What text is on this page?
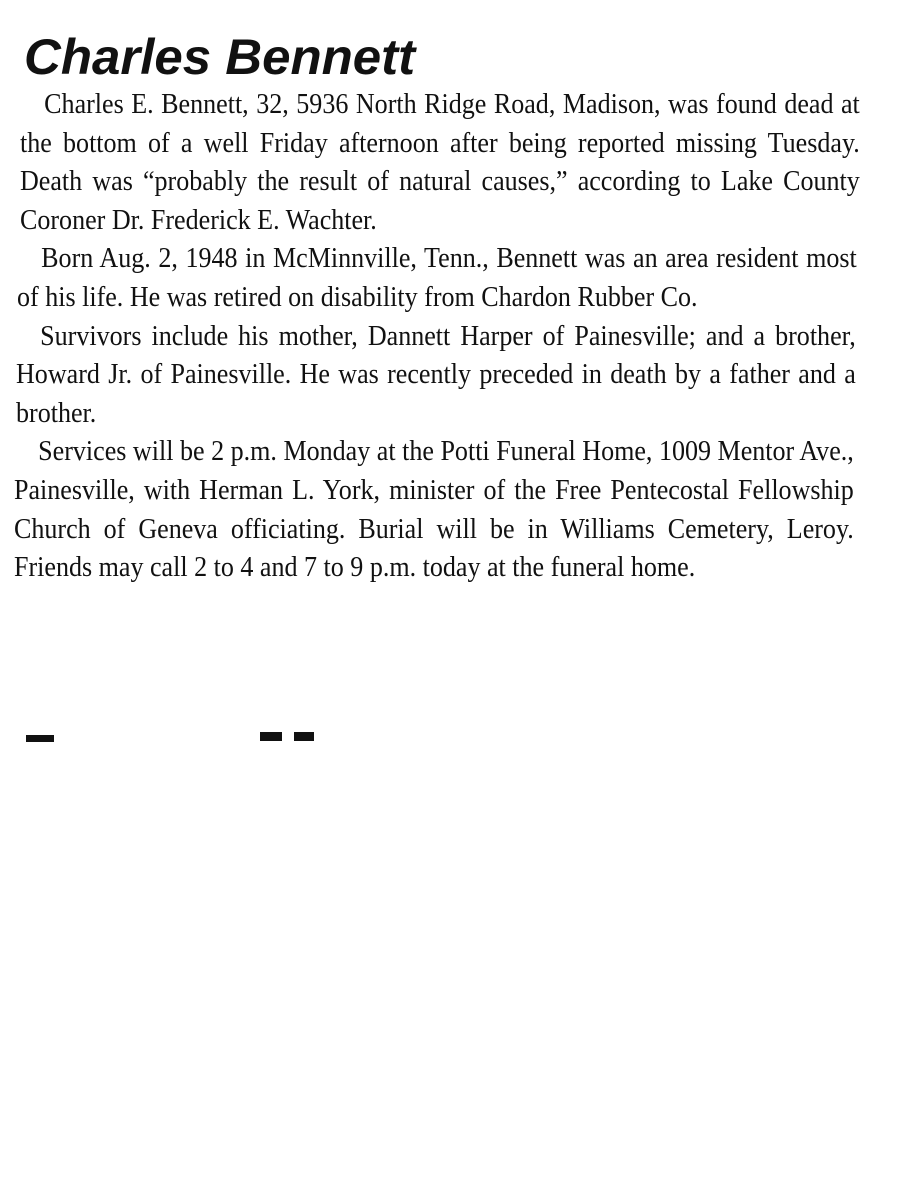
Charles Bennett

Charles E. Bennett, 32, 5936 North Ridge Road, Madison, was found dead at the bottom of a well Friday afternoon after being reported missing Tuesday. Death was “probably the result of natural causes,” according to Lake County Coroner Dr. Frederick E. Wachter.

Born Aug. 2, 1948 in McMinnville, Tenn., Bennett was an area resident most of his life. He was retired on disability from Chardon Rubber Co.

Survivors include his mother, Dannett Harper of Painesville; and a brother, Howard Jr. of Painesville. He was recently preceded in death by a father and a brother.

Services will be 2 p.m. Monday at the Potti Funeral Home, 1009 Mentor Ave., Painesville, with Herman L. York, minister of the Free Pentecostal Fellowship Church of Geneva officiating. Burial will be in Williams Cemetery, Leroy. Friends may call 2 to 4 and 7 to 9 p.m. today at the funeral home.
